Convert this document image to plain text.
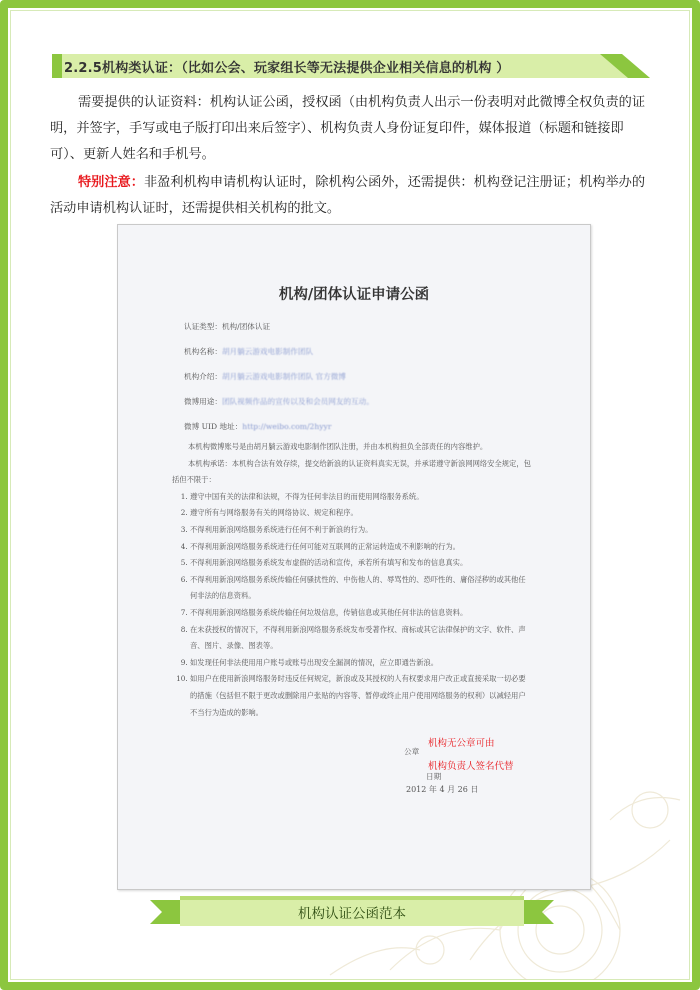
2.2.5机构类认证：（比如公会、玩家组长等无法提供企业相关信息的机构 ）

需要提供的认证资料：机构认证公函，授权函（由机构负责人出示一份表明对此微博全权负责的证明，并签字，手写或电子版打印出来后签字）、机构负责人身份证复印件，媒体报道（标题和链接即可）、更新人姓名和手机号。

特别注意：非盈利机构申请机构认证时，除机构公函外，还需提供：机构登记注册证；机构举办的活动申请机构认证时，还需提供相关机构的批文。

机构/团体认证申请公函
认证类型：机构/团体认证
机构名称：胡月躺云游戏电影制作团队
机构介绍：胡月躺云游戏电影制作团队 官方微博
微博用途：团队视频作品的宣传以及和会员网友的互动。
微博 UID 地址：http://weibo.com/2hyyr

本机构微博账号是由胡月躺云游戏电影制作团队注册，并由本机构担负全部责任的内容维护。

本机构承诺：本机构合法有效存续，提交给新浪的认证资料真实无误，并承诺遵守新浪网网络安全规定，包括但不限于：

1. 遵守中国有关的法律和法规，不得为任何非法目的而使用网络服务系统。
2. 遵守所有与网络服务有关的网络协议、规定和程序。
3. 不得利用新浪网络服务系统进行任何不利于新浪的行为。
4. 不得利用新浪网络服务系统进行任何可能对互联网的正常运转造成不利影响的行为。
5. 不得利用新浪网络服务系统发布虚假的活动和宣传，承若所有填写和发布的信息真实。
6. 不得利用新浪网络服务系统传输任何骚扰性的、中伤他人的、辱骂性的、恐吓性的、庸俗淫秽的或其他任何非法的信息资料。
7. 不得利用新浪网络服务系统传输任何垃圾信息，传销信息或其他任何非法的信息资料。
8. 在未获授权的情况下，不得利用新浪网络服务系统发布受著作权、商标或其它法律保护的文字、软件、声音、图片、录像、图表等。
9. 如发现任何非法使用用户账号或账号出现安全漏洞的情况，应立即通告新浪。
10. 如用户在使用新浪网络服务时违反任何规定，新浪或及其授权的人有权要求用户改正或直接采取一切必要的措施（包括但不限于更改或删除用户张贴的内容等、暂停或终止用户使用网络服务的权利）以减轻用户不当行为造成的影响。
公章
日期
机构无公章可由
机构负责人签名代替
2012 年 4 月 26 日
机构认证公函范本
